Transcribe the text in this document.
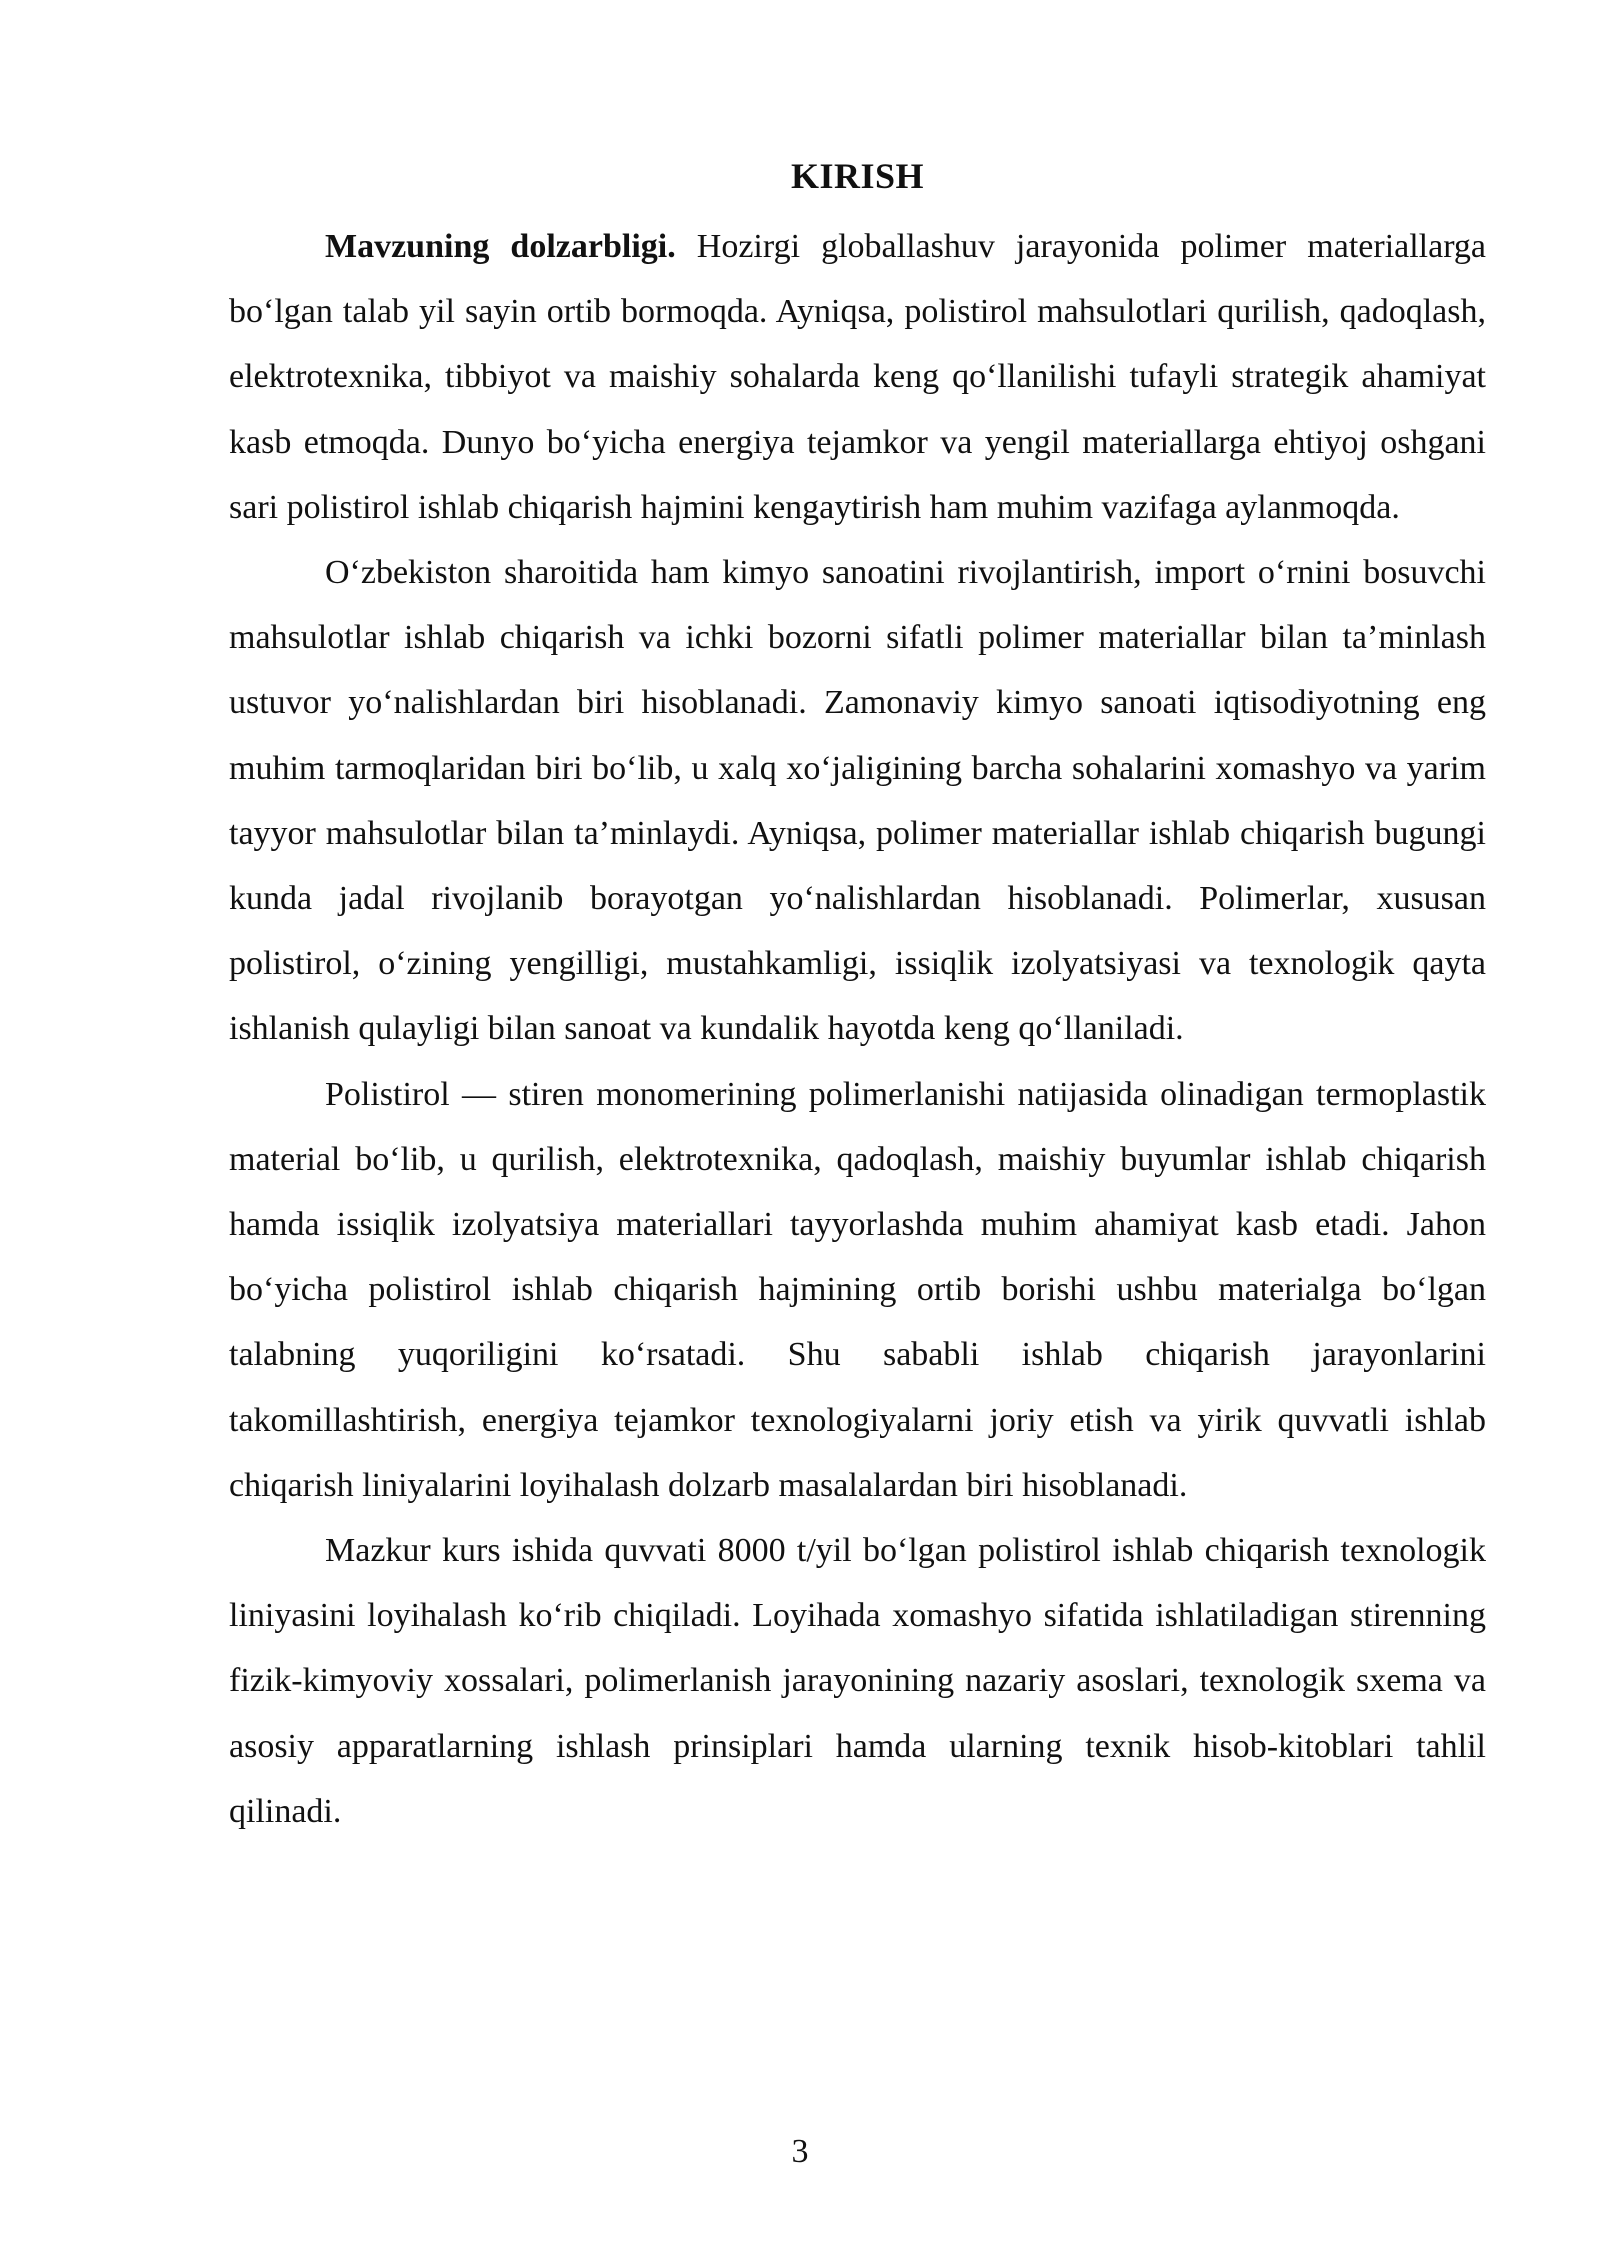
KIRISH

Mavzuning dolzarbligi. Hozirgi globallashuv jarayonida polimer materiallarga bo‘lgan talab yil sayin ortib bormoqda. Ayniqsa, polistirol mahsulotlari qurilish, qadoqlash, elektrotexnika, tibbiyot va maishiy sohalarda keng qo‘llanilishi tufayli strategik ahamiyat kasb etmoqda. Dunyo bo‘yicha energiya tejamkor va yengil materiallarga ehtiyoj oshgani sari polistirol ishlab chiqarish hajmini kengaytirish ham muhim vazifaga aylanmoqda.

O‘zbekiston sharoitida ham kimyo sanoatini rivojlantirish, import o‘rnini bosuvchi mahsulotlar ishlab chiqarish va ichki bozorni sifatli polimer materiallar bilan ta’minlash ustuvor yo‘nalishlardan biri hisoblanadi. Zamonaviy kimyo sanoati iqtisodiyotning eng muhim tarmoqlaridan biri bo‘lib, u xalq xo‘jaligining barcha sohalarini xomashyo va yarim tayyor mahsulotlar bilan ta’minlaydi. Ayniqsa, polimer materiallar ishlab chiqarish bugungi kunda jadal rivojlanib borayotgan yo‘nalishlardan hisoblanadi. Polimerlar, xususan polistirol, o‘zining yengilligi, mustahkamligi, issiqlik izolyatsiyasi va texnologik qayta ishlanish qulayligi bilan sanoat va kundalik hayotda keng qo‘llaniladi.

Polistirol — stiren monomerining polimerlanishi natijasida olinadigan termoplastik material bo‘lib, u qurilish, elektrotexnika, qadoqlash, maishiy buyumlar ishlab chiqarish hamda issiqlik izolyatsiya materiallari tayyorlashda muhim ahamiyat kasb etadi. Jahon bo‘yicha polistirol ishlab chiqarish hajmining ortib borishi ushbu materialga bo‘lgan talabning yuqoriligini ko‘rsatadi. Shu sababli ishlab chiqarish jarayonlarini takomillashtirish, energiya tejamkor texnologiyalarni joriy etish va yirik quvvatli ishlab chiqarish liniyalarini loyihalash dolzarb masalalardan biri hisoblanadi.

Mazkur kurs ishida quvvati 8000 t/yil bo‘lgan polistirol ishlab chiqarish texnologik liniyasini loyihalash ko‘rib chiqiladi. Loyihada xomashyo sifatida ishlatiladigan stirenning fizik-kimyoviy xossalari, polimerlanish jarayonining nazariy asoslari, texnologik sxema va asosiy apparatlarning ishlash prinsiplari hamda ularning texnik hisob-kitoblari tahlil qilinadi.

3
